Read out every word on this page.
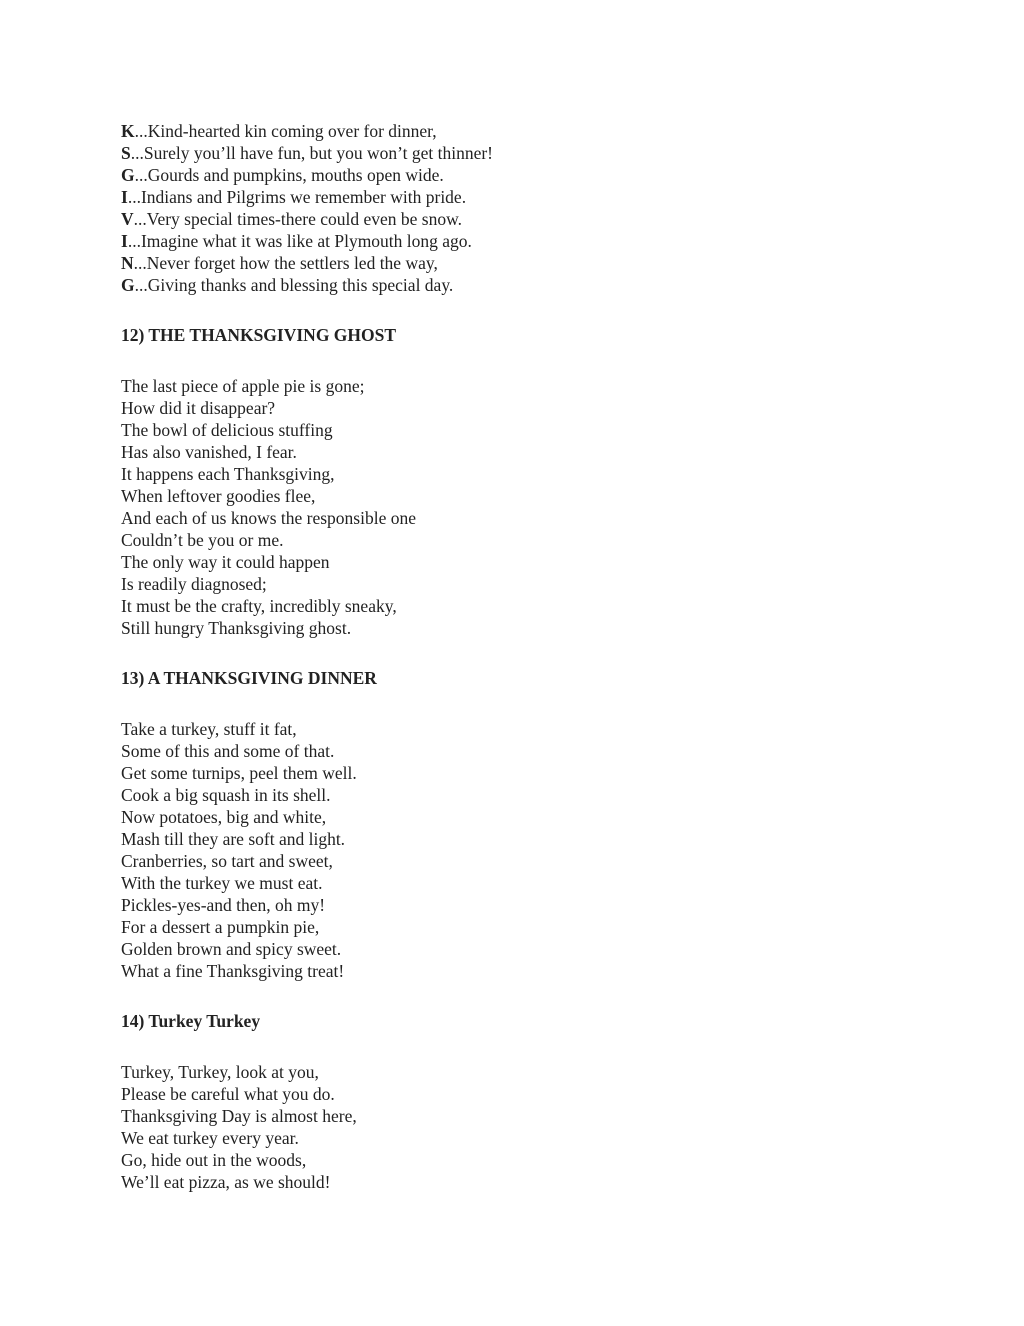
K...Kind-hearted kin coming over for dinner,
S...Surely you’ll have fun, but you won’t get thinner!
G...Gourds and pumpkins, mouths open wide.
I...Indians and Pilgrims we remember with pride.
V...Very special times-there could even be snow.
I...Imagine what it was like at Plymouth long ago.
N...Never forget how the settlers led the way,
G...Giving thanks and blessing this special day.
12) THE THANKSGIVING GHOST
The last piece of apple pie is gone;
How did it disappear?
The bowl of delicious stuffing
Has also vanished, I fear.
It happens each Thanksgiving,
When leftover goodies flee,
And each of us knows the responsible one
Couldn’t be you or me.
The only way it could happen
Is readily diagnosed;
It must be the crafty, incredibly sneaky,
Still hungry Thanksgiving ghost.
13) A THANKSGIVING DINNER
Take a turkey, stuff it fat,
Some of this and some of that.
Get some turnips, peel them well.
Cook a big squash in its shell.
Now potatoes, big and white,
Mash till they are soft and light.
Cranberries, so tart and sweet,
With the turkey we must eat.
Pickles-yes-and then, oh my!
For a dessert a pumpkin pie,
Golden brown and spicy sweet.
What a fine Thanksgiving treat!
14) Turkey Turkey
Turkey, Turkey, look at you,
Please be careful what you do.
Thanksgiving Day is almost here,
We eat turkey every year.
Go, hide out in the woods,
We’ll eat pizza, as we should!
